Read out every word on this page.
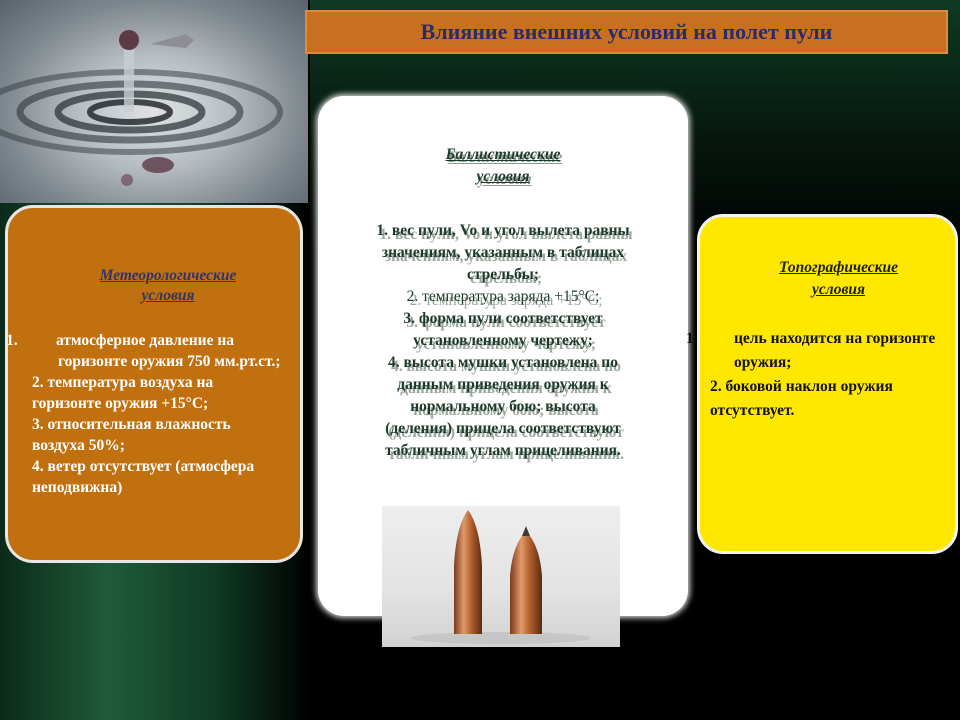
Влияние внешних условий на полет пули
Метеорологические
условия
1. атмосферное давление на горизонте оружия 750 мм.рт.ст.;
2. температура воздуха на горизонте оружия +15°С;
3. относительная влажность воздуха 50%;
4. ветер отсутствует (атмосфера неподвижна)
Баллистические
условия
1. вес пули, Vo и угол вылета равны
значениям, указанным в таблицах
стрельбы;
2. температура заряда +15°С;
3. форма пули соответствует
установленному чертежу;
4. высота мушки установлена по
данным приведения оружия к
нормальному бою; высота
(деления) прицела соответствуют
табличным углам прицеливания.
Топографические
условия
1. цель находится на горизонте оружия;
2. боковой наклон оружия отсутствует.
